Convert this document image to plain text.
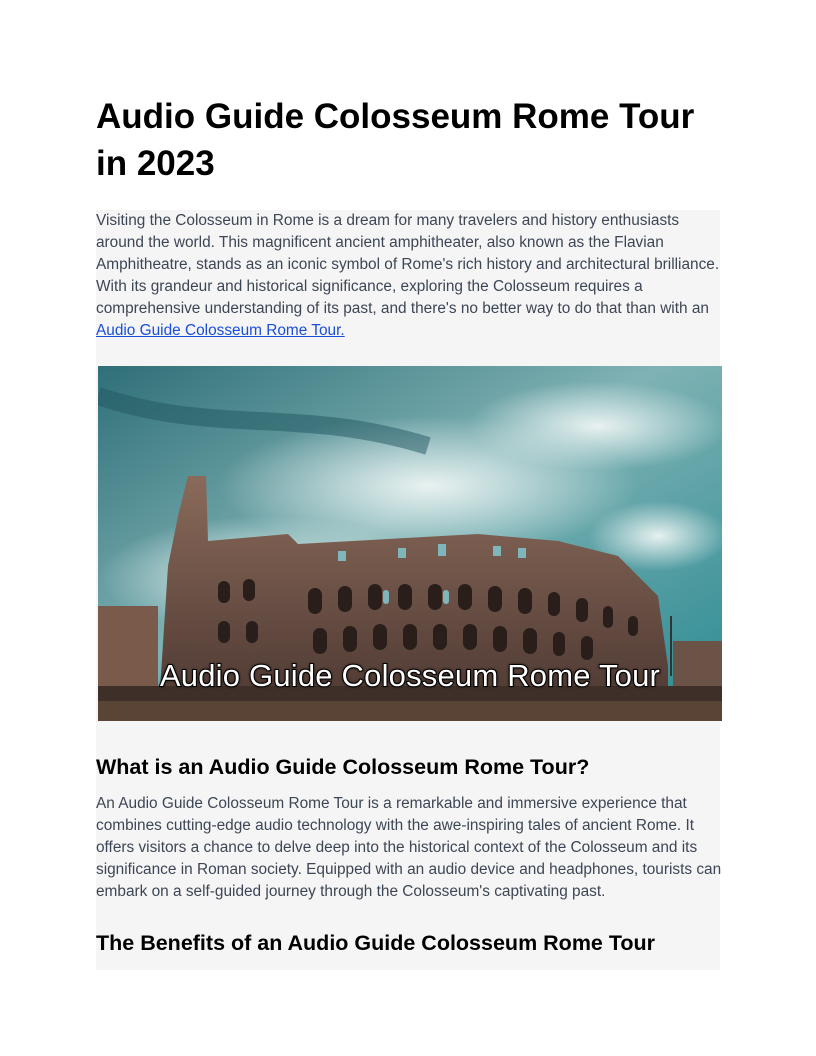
Audio Guide Colosseum Rome Tour in 2023

Visiting the Colosseum in Rome is a dream for many travelers and history enthusiasts around the world. This magnificent ancient amphitheater, also known as the Flavian Amphitheatre, stands as an iconic symbol of Rome's rich history and architectural brilliance. With its grandeur and historical significance, exploring the Colosseum requires a comprehensive understanding of its past, and there's no better way to do that than with an Audio Guide Colosseum Rome Tour.

Audio Guide Colosseum Rome Tour
What is an Audio Guide Colosseum Rome Tour?

An Audio Guide Colosseum Rome Tour is a remarkable and immersive experience that combines cutting-edge audio technology with the awe-inspiring tales of ancient Rome. It offers visitors a chance to delve deep into the historical context of the Colosseum and its significance in Roman society. Equipped with an audio device and headphones, tourists can embark on a self-guided journey through the Colosseum's captivating past.

The Benefits of an Audio Guide Colosseum Rome Tour
